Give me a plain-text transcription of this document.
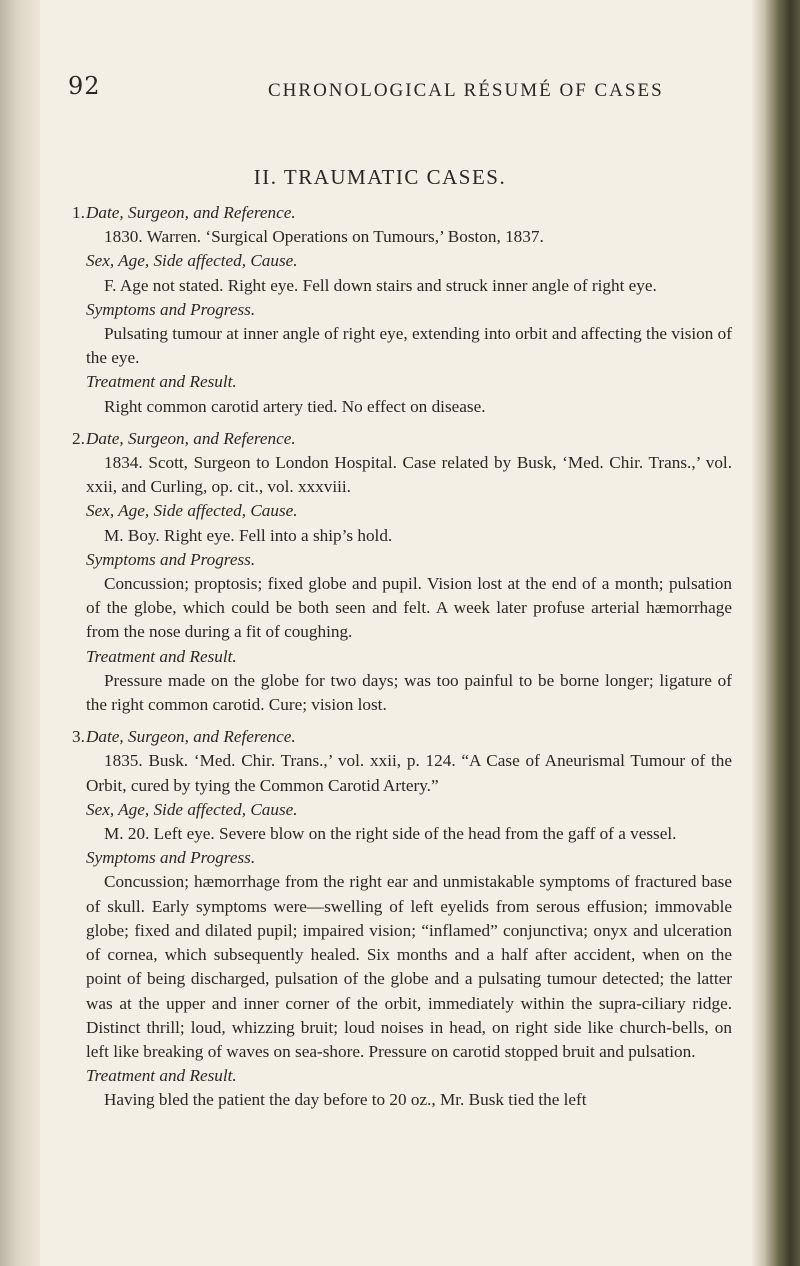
92	CHRONOLOGICAL RÉSUMÉ OF CASES
II. TRAUMATIC CASES.
1. Date, Surgeon, and Reference.

1830. Warren. ‘Surgical Operations on Tumours,’ Boston, 1837.

Sex, Age, Side affected, Cause.

F. Age not stated. Right eye. Fell down stairs and struck inner angle of right eye.

Symptoms and Progress.

Pulsating tumour at inner angle of right eye, extending into orbit and affecting the vision of the eye.

Treatment and Result.

Right common carotid artery tied. No effect on disease.

2. Date, Surgeon, and Reference.

1834. Scott, Surgeon to London Hospital. Case related by Busk, ‘Med. Chir. Trans.,’ vol. xxii, and Curling, op. cit., vol. xxxviii.

Sex, Age, Side affected, Cause.

M. Boy. Right eye. Fell into a ship’s hold.

Symptoms and Progress.

Concussion; proptosis; fixed globe and pupil. Vision lost at the end of a month; pulsation of the globe, which could be both seen and felt. A week later profuse arterial hæmorrhage from the nose during a fit of coughing.

Treatment and Result.

Pressure made on the globe for two days; was too painful to be borne longer; ligature of the right common carotid. Cure; vision lost.

3. Date, Surgeon, and Reference.

1835. Busk. ‘Med. Chir. Trans.,’ vol. xxii, p. 124. “A Case of Aneurismal Tumour of the Orbit, cured by tying the Common Carotid Artery.”

Sex, Age, Side affected, Cause.

M. 20. Left eye. Severe blow on the right side of the head from the gaff of a vessel.

Symptoms and Progress.

Concussion; hæmorrhage from the right ear and unmistakable symptoms of fractured base of skull. Early symptoms were—swelling of left eyelids from serous effusion; immovable globe; fixed and dilated pupil; impaired vision; “inflamed” conjunctiva; onyx and ulceration of cornea, which subsequently healed. Six months and a half after accident, when on the point of being discharged, pulsation of the globe and a pulsating tumour detected; the latter was at the upper and inner corner of the orbit, immediately within the supra-ciliary ridge. Distinct thrill; loud, whizzing bruit; loud noises in head, on right side like church-bells, on left like breaking of waves on sea-shore. Pressure on carotid stopped bruit and pulsation.

Treatment and Result.

Having bled the patient the day before to 20 oz., Mr. Busk tied the left
